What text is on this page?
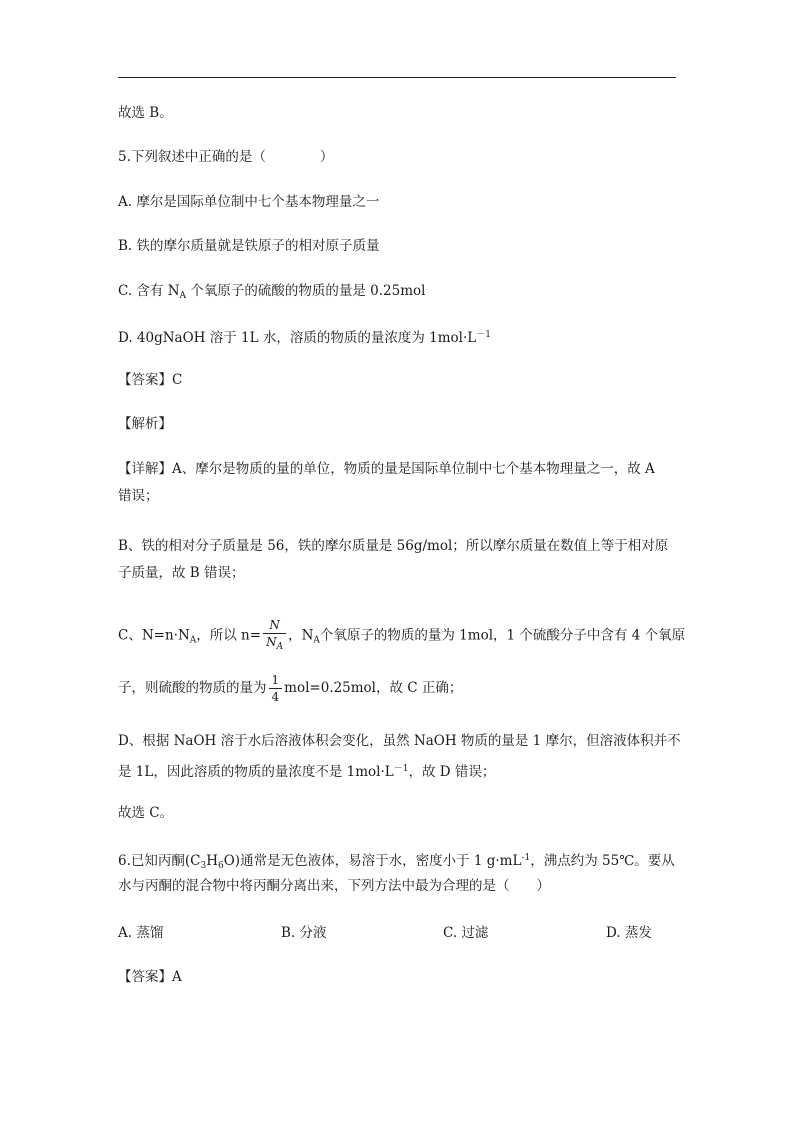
故选 B。
5.下列叙述中正确的是（　　　　）
A. 摩尔是国际单位制中七个基本物理量之一
B. 铁的摩尔质量就是铁原子的相对原子质量
C. 含有 $N_A$ 个氧原子的硫酸的物质的量是 0.25mol
D. 40gNaOH 溶于 1L 水，溶质的物质的量浓度为 $1mol\cdot L^{-1}$
【答案】C
【解析】
【详解】A、摩尔是物质的量的单位，物质的量是国际单位制中七个基本物理量之一，故 A
错误；
B、铁的相对分子质量是 56，铁的摩尔质量是 56g/mol；所以摩尔质量在数值上等于相对原
子质量，故 B 错误；
C、$N=n\cdot N_A$，所以 $n= \frac{N}{N_A}$ ，$N_A$个氧原子的物质的量为 1mol，1 个硫酸分子中含有 4 个氧原
子，则硫酸的物质的量为 $\frac{1}{4} mol=0.25mol$，故 C 正确；
D、根据 NaOH 溶于水后溶液体积会变化，虽然 NaOH 物质的量是 1 摩尔，但溶液体积并不
是 1L，因此溶质的物质的量浓度不是 $1mol\cdot L^{-1}$，故 D 错误；
故选 C。
6.已知丙酮$(C_3H_6O)$通常是无色液体，易溶于水，密度小于 1 $g\cdot mL^{-1}$，沸点约为 55℃。要从
水与丙酮的混合物中将丙酮分离出来，下列方法中最为合理的是（　　）
A. 蒸馏	B. 分液	C. 过滤	D. 蒸发
【答案】A
